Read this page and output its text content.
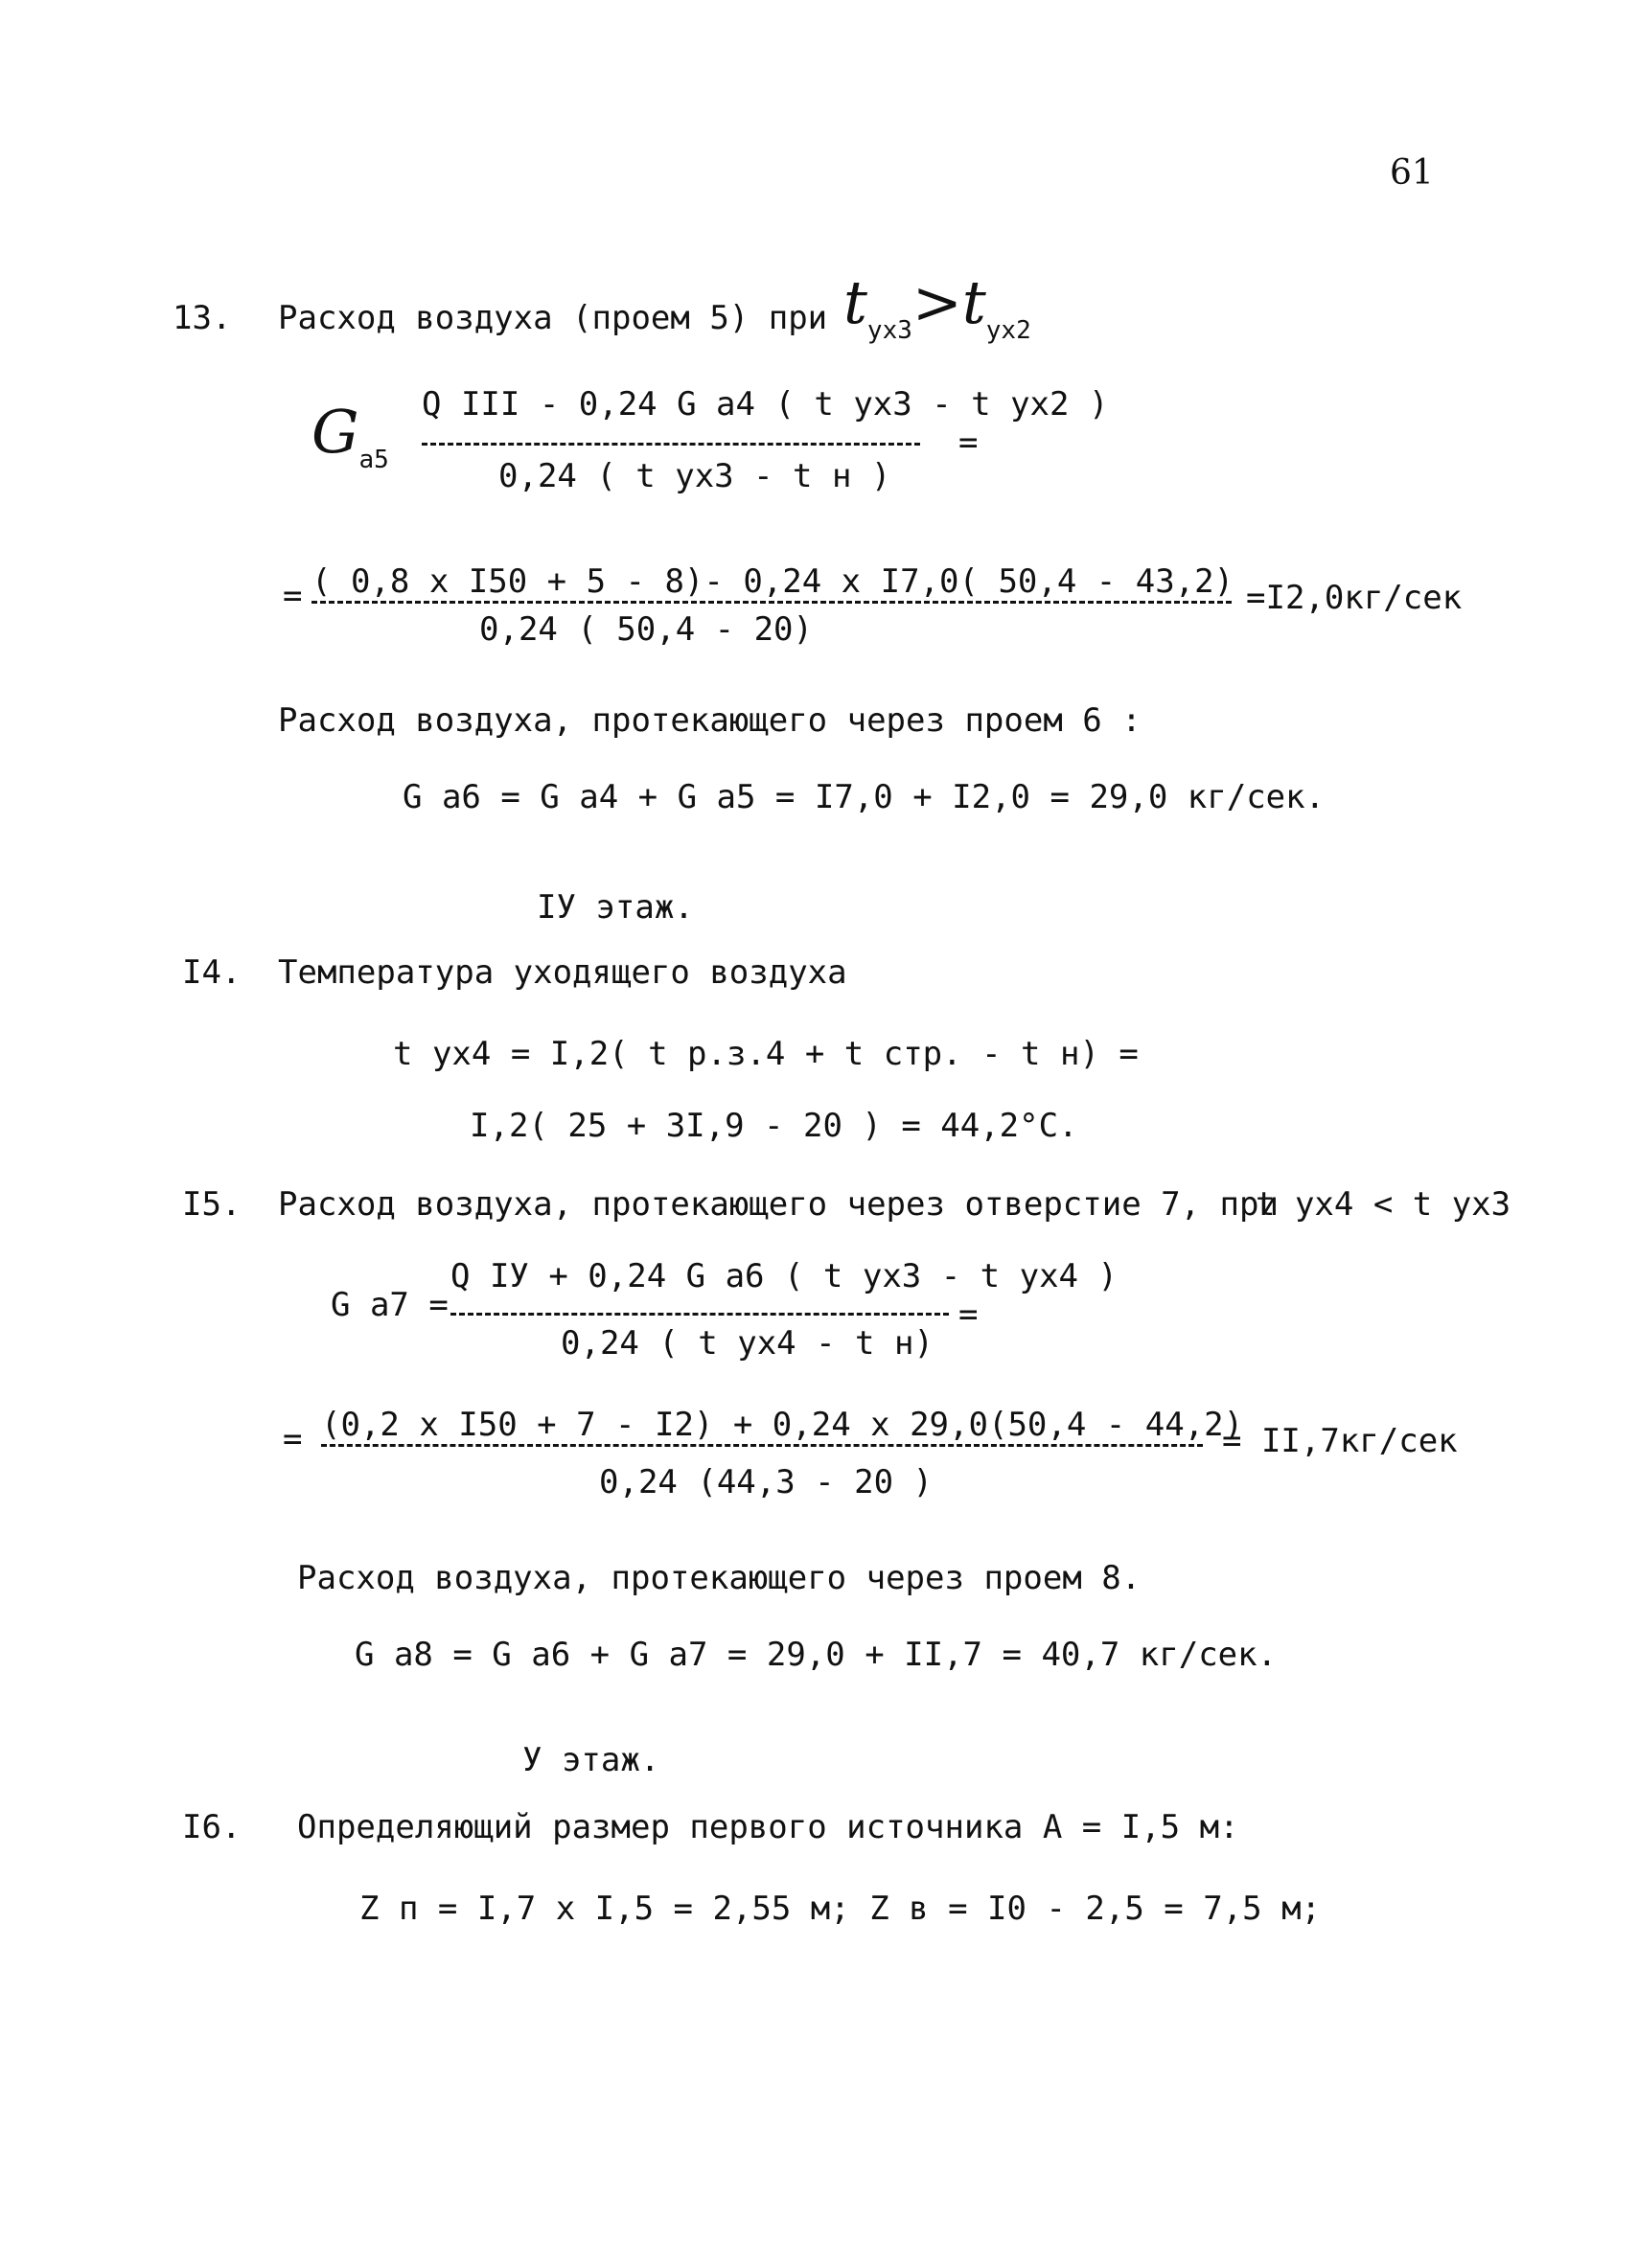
61
13. Расход воздуха (проем 5) при $t_{ух3}>t_{ух2}$
$G_{a5}$
Q III - 0,24 G a4 ( t ух3 - t ух2 )
0,24 ( t ух3 - t н )
=
= ( 0,8 х I50 + 5 - 8)- 0,24 х I7,0( 50,4 - 43,2)
0,24 ( 50,4 - 20)
=I2,0кг/сек
Расход воздуха, протекающего через проем 6 :
G a6 = G a4 + G a5 = I7,0 + I2,0 = 29,0 кг/сек.
IУ этаж.
I4. Температура уходящего воздуха
t ух4 = I,2( t р.з.4 + t стр. - t н) =
I,2( 25 + 3I,9 - 20 ) = 44,2°С.
I5. Расход воздуха, протекающего через отверстие 7, при
t ух4 < t ух3
G a7 =
Q IУ + 0,24 G a6 ( t ух3 - t ух4 )
0,24 ( t ух4 - t н)
=
= (0,2 х I50 + 7 - I2) + 0,24 х 29,0(50,4 - 44,2)
0,24 (44,3 - 20 )
= II,7кг/сек
Расход воздуха, протекающего через проем 8.
G a8 = G a6 + G a7 = 29,0 + II,7 = 40,7 кг/сек.
У этаж.
I6. Определяющий размер первого источника А = I,5 м:
Z п = I,7 х I,5 = 2,55 м; Z в = I0 - 2,5 = 7,5 м;
